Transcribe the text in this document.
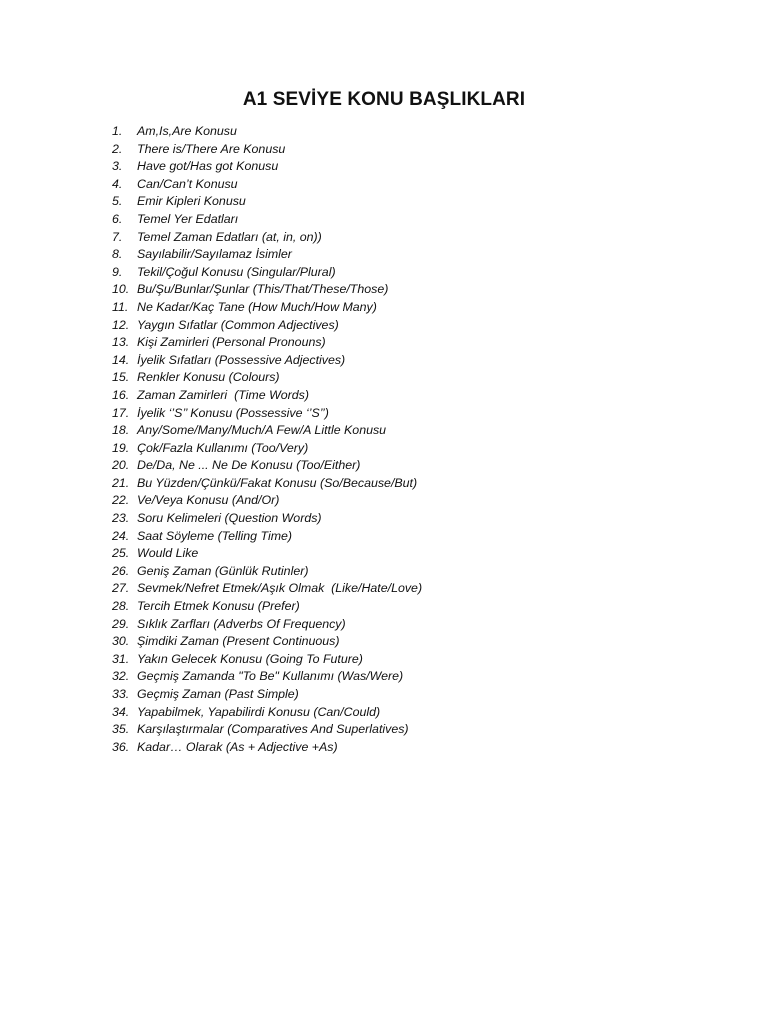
A1 SEVİYE KONU BAŞLIKLARI
1.	Am,Is,Are Konusu
2.	There is/There Are Konusu
3.	Have got/Has got Konusu
4.	Can/Can’t Konusu
5.	Emir Kipleri Konusu
6.	Temel Yer Edatları
7.	Temel Zaman Edatları (at, in, on))
8.	Sayılabilir/Sayılamaz İsimler
9.	Tekil/Çoğul Konusu (Singular/Plural)
10. Bu/Şu/Bunlar/Şunlar (This/That/These/Those)
11. Ne Kadar/Kaç Tane (How Much/How Many)
12. Yaygın Sıfatlar (Common Adjectives)
13. Kişi Zamirleri (Personal Pronouns)
14. İyelik Sıfatları (Possessive Adjectives)
15. Renkler Konusu (Colours)
16. Zaman Zamirleri  (Time Words)
17. İyelik ‘’S’’ Konusu (Possessive ‘’S’’)
18. Any/Some/Many/Much/A Few/A Little Konusu
19. Çok/Fazla Kullanımı (Too/Very)
20. De/Da, Ne ... Ne De Konusu (Too/Either)
21. Bu Yüzden/Çünkü/Fakat Konusu (So/Because/But)
22. Ve/Veya Konusu (And/Or)
23. Soru Kelimeleri (Question Words)
24. Saat Söyleme (Telling Time)
25. Would Like
26. Geniş Zaman (Günlük Rutinler)
27. Sevmek/Nefret Etmek/Aşık Olmak  (Like/Hate/Love)
28. Tercih Etmek Konusu (Prefer)
29. Sıklık Zarfları (Adverbs Of Frequency)
30. Şimdiki Zaman (Present Continuous)
31. Yakın Gelecek Konusu (Going To Future)
32. Geçmiş Zamanda "To Be" Kullanımı (Was/Were)
33. Geçmiş Zaman (Past Simple)
34. Yapabilmek, Yapabilirdi Konusu (Can/Could)
35. Karşılaştırmalar (Comparatives And Superlatives)
36. Kadar… Olarak (As + Adjective +As)
